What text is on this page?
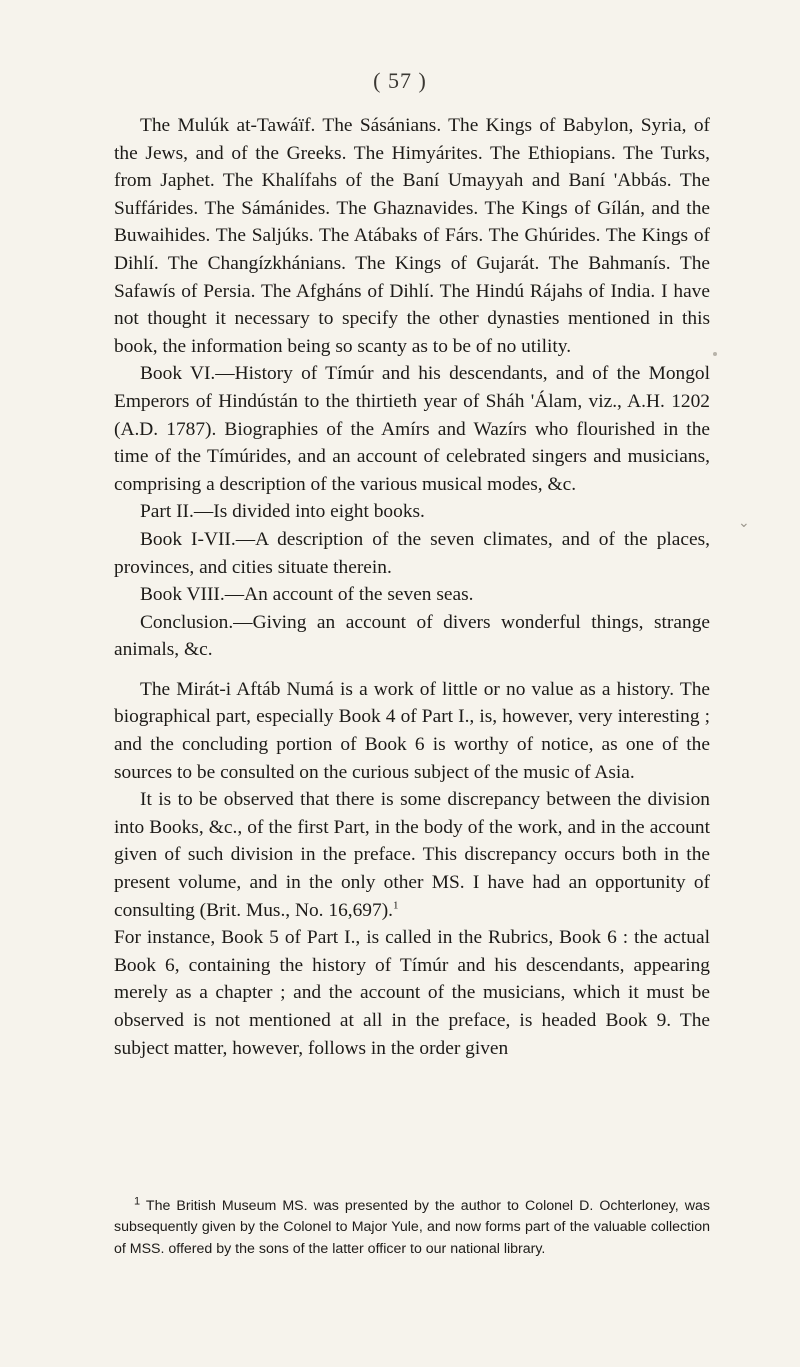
( 57 )

The Mulúk at-Tawáïf. The Sásánians. The Kings of Babylon, Syria, of the Jews, and of the Greeks. The Himyárites. The Ethiopians. The Turks, from Japhet. The Khalífahs of the Baní Umayyah and Baní 'Abbás. The Suffárides. The Sámánides. The Ghaznavides. The Kings of Gílán, and the Buwaihides. The Saljúks. The Atábaks of Fárs. The Ghúrides. The Kings of Dihlí. The Changízkhánians. The Kings of Gujarát. The Bahmanís. The Safawís of Persia. The Afgháns of Dihlí. The Hindú Rájahs of India. I have not thought it necessary to specify the other dynasties mentioned in this book, the information being so scanty as to be of no utility.

Book VI.—History of Tímúr and his descendants, and of the Mongol Emperors of Hindústán to the thirtieth year of Sháh 'Álam, viz., A.H. 1202 (A.D. 1787). Biographies of the Amírs and Wazírs who flourished in the time of the Tímúrides, and an account of celebrated singers and musicians, comprising a description of the various musical modes, &c.

Part II.—Is divided into eight books.

Book I-VII.—A description of the seven climates, and of the places, provinces, and cities situate therein.

Book VIII.—An account of the seven seas.

Conclusion.—Giving an account of divers wonderful things, strange animals, &c.

The Mirát-i Aftáb Numá is a work of little or no value as a history. The biographical part, especially Book 4 of Part I., is, however, very interesting ; and the concluding portion of Book 6 is worthy of notice, as one of the sources to be consulted on the curious subject of the music of Asia.

It is to be observed that there is some discrepancy between the division into Books, &c., of the first Part, in the body of the work, and in the account given of such division in the preface. This discrepancy occurs both in the present volume, and in the only other MS. I have had an opportunity of consulting (Brit. Mus., No. 16,697).$^1$

For instance, Book 5 of Part I., is called in the Rubrics, Book 6 : the actual Book 6, containing the history of Tímúr and his descendants, appearing merely as a chapter ; and the account of the musicians, which it must be observed is not mentioned at all in the preface, is headed Book 9. The subject matter, however, follows in the order given

$^1$ The British Museum MS. was presented by the author to Colonel D. Ochterloney, was subsequently given by the Colonel to Major Yule, and now forms part of the valuable collection of MSS. offered by the sons of the latter officer to our national library.

⌄
